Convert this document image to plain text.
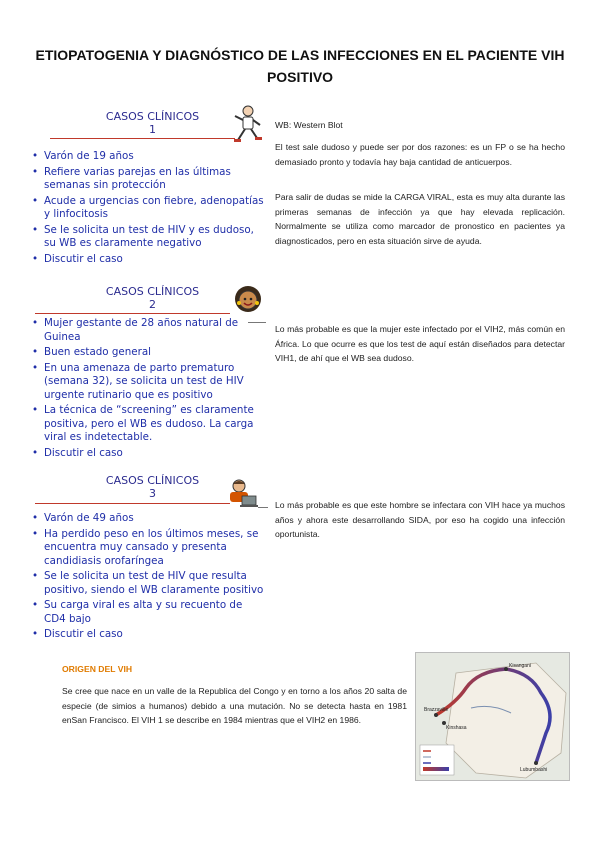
ETIOPATOGENIA Y DIAGNÓSTICO DE LAS INFECCIONES EN EL PACIENTE VIH POSITIVO
CASOS CLÍNICOS
1
• Varón de 19 años
• Refiere varias parejas en las últimas semanas sin protección
• Acude a urgencias con fiebre, adenopatías y linfocitosis
• Se le solicita un test de HIV y es dudoso, su WB es claramente negativo
• Discutir el caso
WB: Western Blot
El test sale dudoso y puede ser por dos razones: es un FP o se ha hecho demasiado pronto y todavía hay baja cantidad de anticuerpos.
Para salir de dudas se mide la CARGA VIRAL, esta es muy alta durante las primeras semanas de infección ya que hay elevada replicación. Normalmente se utiliza como marcador de pronostico en pacientes ya diagnosticados, pero en esta situación sirve de ayuda.
CASOS CLÍNICOS
2
• Mujer gestante de 28 años natural de Guinea
• Buen estado general
• En una amenaza de parto prematuro (semana 32), se solicita un test de HIV urgente rutinario que es positivo
• La técnica de “screening” es claramente positiva, pero el WB es dudoso. La carga viral es indetectable.
• Discutir el caso
Lo más probable es que la mujer este infectado por el VIH2, más común en África. Lo que ocurre es que los test de aquí están diseñados para detectar VIH1, de ahí que el WB sea dudoso.
CASOS CLÍNICOS
3
• Varón de 49 años
• Ha perdido peso en los últimos meses, se encuentra muy cansado y presenta candidiasis orofaríngea
• Se le solicita un test de HIV que resulta positivo, siendo el WB claramente positivo
• Su carga viral es alta y su recuento de CD4 bajo
• Discutir el caso
Lo más probable es que este hombre se infectara con VIH hace ya muchos años y ahora este desarrollando SIDA, por eso ha cogido una infección oportunista.
ORIGEN DEL VIH
Se cree que nace en un valle de la Republica del Congo y en torno a los años 20 salta de especie (de simios a humanos) debido a una mutación. No se detecta hasta en 1981 enSan Francisco. El VIH 1 se describe en 1984 mientras que el VIH2 en 1986.
Kisangani
Brazzaville
Kinshasa
Lubumbashi
